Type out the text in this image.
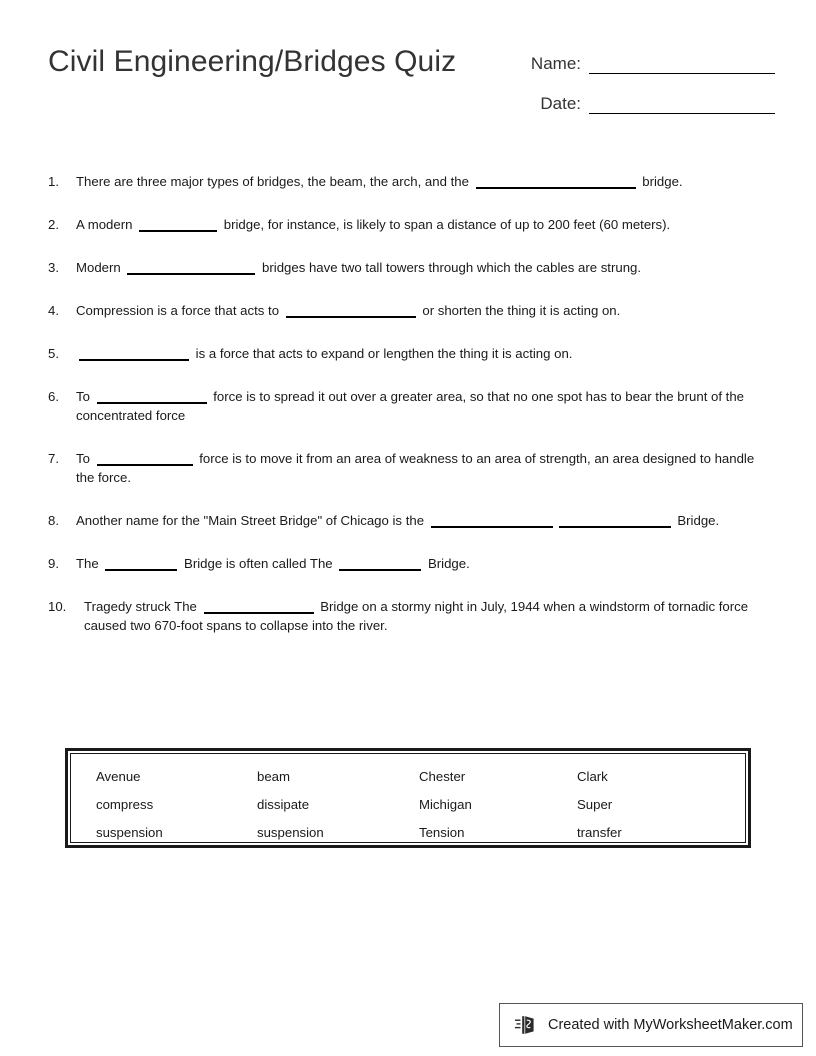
Civil Engineering/Bridges Quiz	Name:
Date:
1.	There are three major types of bridges, the beam, the arch, and the	bridge.
2.	A modern	bridge, for instance, is likely to span a distance of up to 200 feet (60 meters).
3.	Modern	bridges have two tall towers through which the cables are strung.
4.	Compression is a force that acts to	or shorten the thing it is acting on.
5.	is a force that acts to expand or lengthen the thing it is acting on.
6.	To	force is to spread it out over a greater area, so that no one spot has to bear the brunt of the concentrated force
7.	To	force is to move it from an area of weakness to an area of strength, an area designed to handle the force.
8.	Another name for the "Main Street Bridge" of Chicago is the	Bridge.
9.	The	Bridge is often called The	Bridge.
10.	Tragedy struck The	Bridge on a stormy night in July, 1944 when a windstorm of tornadic force caused two 670-foot spans to collapse into the river.
Avenue	beam	Chester	Clark
compress	dissipate	Michigan	Super
suspension	suspension	Tension	transfer
Created with MyWorksheetMaker.com
